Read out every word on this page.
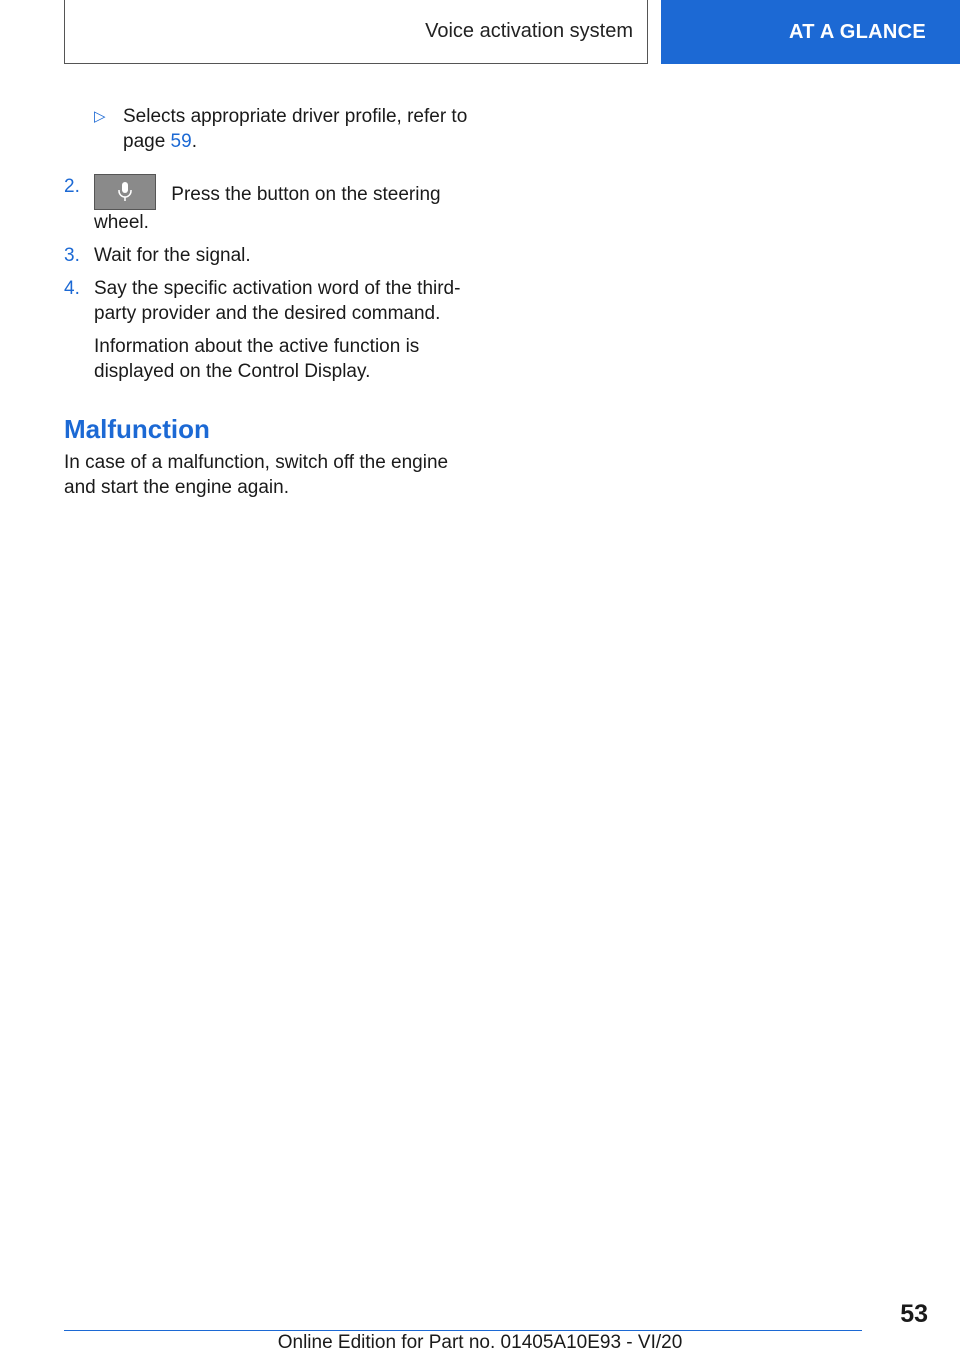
Voice activation system	AT A GLANCE
▷ Selects appropriate driver profile, refer to page 59.
2.	Press the button on the steering wheel.
3. Wait for the signal.
4. Say the specific activation word of the third-party provider and the desired command.
Information about the active function is displayed on the Control Display.
Malfunction
In case of a malfunction, switch off the engine and start the engine again.
53
Online Edition for Part no. 01405A10E93 - VI/20
